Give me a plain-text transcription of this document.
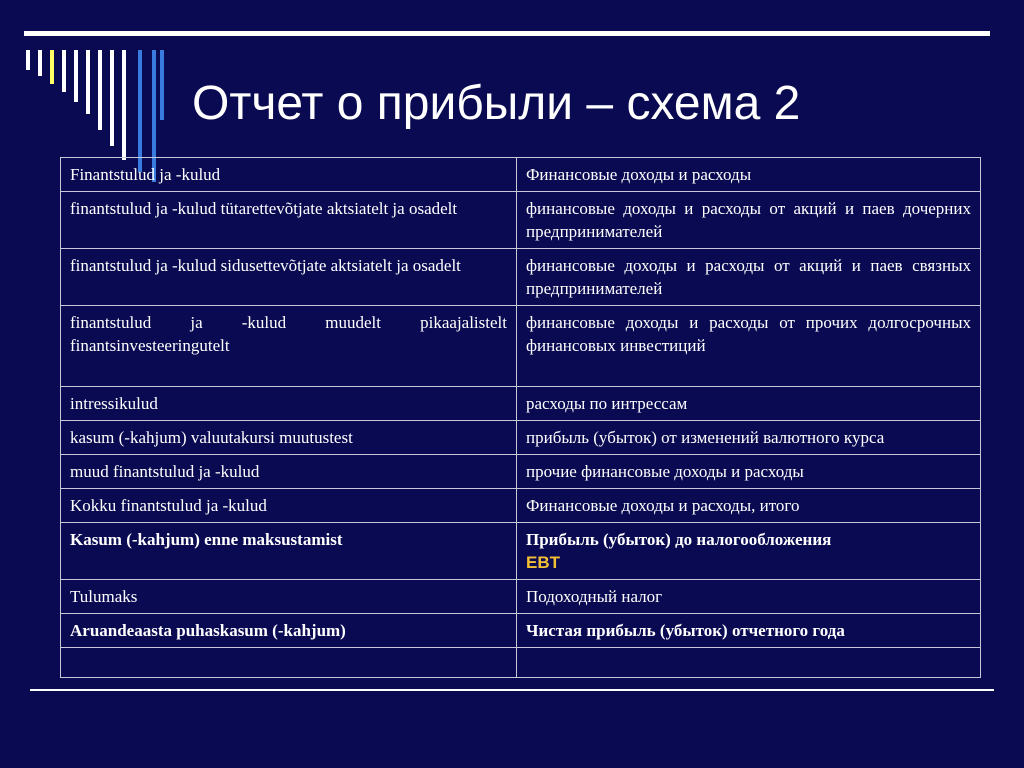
Отчет о прибыли – схема 2
Finantstulud ja -kulud	Финансовые доходы и расходы
finantstulud ja -kulud tütarettevõtjate aktsiatelt ja osadelt	финансовые доходы и расходы от акций и паев дочерних предпринимателей
finantstulud ja -kulud sidusettevõtjate aktsiatelt ja osadelt	финансовые доходы и расходы от акций и паев связных предпринимателей
finantstulud ja -kulud muudelt pikaajalistelt finantsinvesteeringutelt	финансовые доходы и расходы от прочих долгосрочных финансовых инвестиций
intressikulud	расходы по интрессам
kasum (-kahjum) valuutakursi muutustest	прибыль (убыток) от изменений валютного курса
muud finantstulud ja -kulud	прочие финансовые доходы и расходы
Kokku finantstulud ja -kulud	Финансовые доходы и расходы, итого
Kasum (-kahjum) enne maksustamist	Прибыль (убыток) до налогообложения
EBT
Tulumaks	Подоходный налог
Aruandeaasta puhaskasum (-kahjum)	Чистая прибыль (убыток) отчетного года
